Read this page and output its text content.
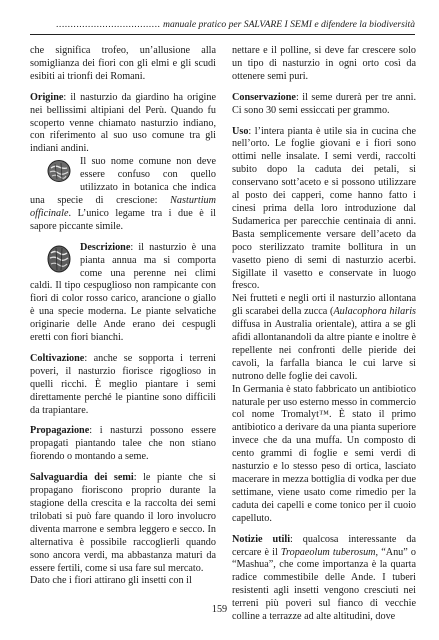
.................................... manuale pratico per SALVARE I SEMI e difendere la biodiversità

che significa trofeo, un’allusione alla somiglianza dei fiori con gli elmi e gli scudi esibiti ai trionfi dei Romani.

Origine: il nasturzio da giardino ha origine nei bellissimi altipiani del Perù. Quando fu scoperto venne chiamato nasturzio indiano, con riferimento al suo uso comune tra gli indiani andini.

Il suo nome comune non deve essere confuso con quello utilizzato in botanica che indica una specie di crescione: Nasturtium officinale. L’unico legame tra i due è il sapore piccante simile.

Descrizione: il nasturzio è una pianta annua ma si comporta come una perenne nei climi caldi. Il tipo cespuglioso non rampicante con fiori di color rosso carico, arancione o giallo è una specie moderna. Le piante selvatiche originarie delle Ande erano dei cespugli eretti con fiori bianchi.

Coltivazione: anche se sopporta i terreni poveri, il nasturzio fiorisce rigoglioso in quelli ricchi. È meglio piantare i semi direttamente perché le piantine sono difficili da trapiantare.

Propagazione: i nasturzi possono essere propagati piantando talee che non stiano fiorendo o montando a seme.

Salvaguardia dei semi: le piante che si propagano fioriscono proprio durante la stagione della crescita e la raccolta dei semi trilobati si può fare quando il loro involucro diventa marrone e sembra leggero e secco. In alternativa è possibile raccoglierli quando sono ancora verdi, ma abbastanza maturi da essere fertili, come si usa fare sul mercato.

Dato che i fiori attirano gli insetti con il

nettare e il polline, si deve far crescere solo un tipo di nasturzio in ogni orto così da ottenere semi puri.

Conservazione: il seme durerà per tre anni. Ci sono 30 semi essiccati per grammo.

Uso: l’intera pianta è utile sia in cucina che nell’orto. Le foglie giovani e i fiori sono ottimi nelle insalate. I semi verdi, raccolti subito dopo la caduta dei petali, si conservano sott’aceto e si possono utilizzare al posto dei capperi, come hanno fatto i cinesi prima della loro introduzione dal Sudamerica per parecchie centinaia di anni. Basta semplicemente versare dell’aceto da poco sterilizzato tramite bollitura in un vasetto pieno di semi di nasturzio acerbi. Sigillate il vasetto e conservate in luogo fresco.

Nei frutteti e negli orti il nasturzio allontana gli scarabei della zucca (Aulacophora hilaris diffusa in Australia orientale), attira a se gli afidi allontanandoli da altre piante e inoltre è repellente nei confronti delle pieride dei cavoli, la farfalla bianca le cui larve si nutrono delle foglie dei cavoli.

In Germania è stato fabbricato un antibiotico naturale per uso esterno messo in commercio col nome Tromalyt™. È stato il primo antibiotico a derivare da una pianta superiore invece che da una muffa. Un composto di cento grammi di foglie e semi verdi di nasturzio e lo stesso peso di ortica, lasciato macerare in mezza bottiglia di vodka per due settimane, viene usato come rimedio per la caduta dei capelli e come tonico per il cuoio capelluto.

Notizie utili: qualcosa interessante da cercare è il Tropaeolum tuberosum, “Anu” o “Mashua”, che come importanza è la quarta radice commestibile delle Ande. I tuberi resistenti agli insetti vengono cresciuti nei terreni più poveri sul fianco di vecchie colline a terrazze ad alte altitudini, dove

159
